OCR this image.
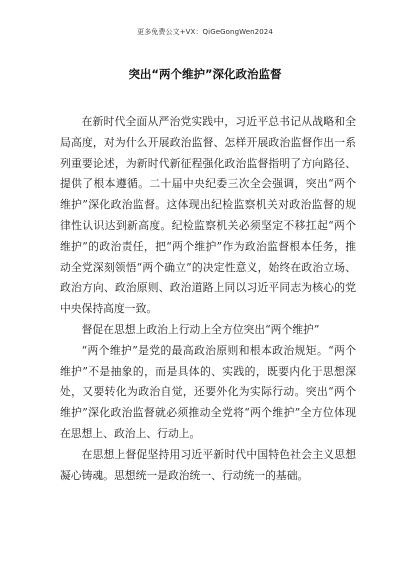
更多免费公文+VX：QiGeGongWen2024
突出“两个维护”深化政治监督

在新时代全面从严治党实践中，习近平总书记从战略和全局高度，对为什么开展政治监督、怎样开展政治监督作出一系列重要论述，为新时代新征程强化政治监督指明了方向路径、提供了根本遵循。二十届中央纪委三次全会强调，突出“两个维护”深化政治监督。这体现出纪检监察机关对政治监督的规律性认识达到新高度。纪检监察机关必须坚定不移扛起“两个维护”的政治责任，把“两个维护”作为政治监督根本任务，推动全党深刻领悟“两个确立”的决定性意义，始终在政治立场、政治方向、政治原则、政治道路上同以习近平同志为核心的党中央保持高度一致。

督促在思想上政治上行动上全方位突出“两个维护”

“两个维护”是党的最高政治原则和根本政治规矩。“两个维护”不是抽象的，而是具体的、实践的，既要内化于思想深处，又要转化为政治自觉，还要外化为实际行动。突出“两个维护”深化政治监督就必须推动全党将“两个维护”全方位体现在思想上、政治上、行动上。

在思想上督促坚持用习近平新时代中国特色社会主义思想凝心铸魂。思想统一是政治统一、行动统一的基础。
